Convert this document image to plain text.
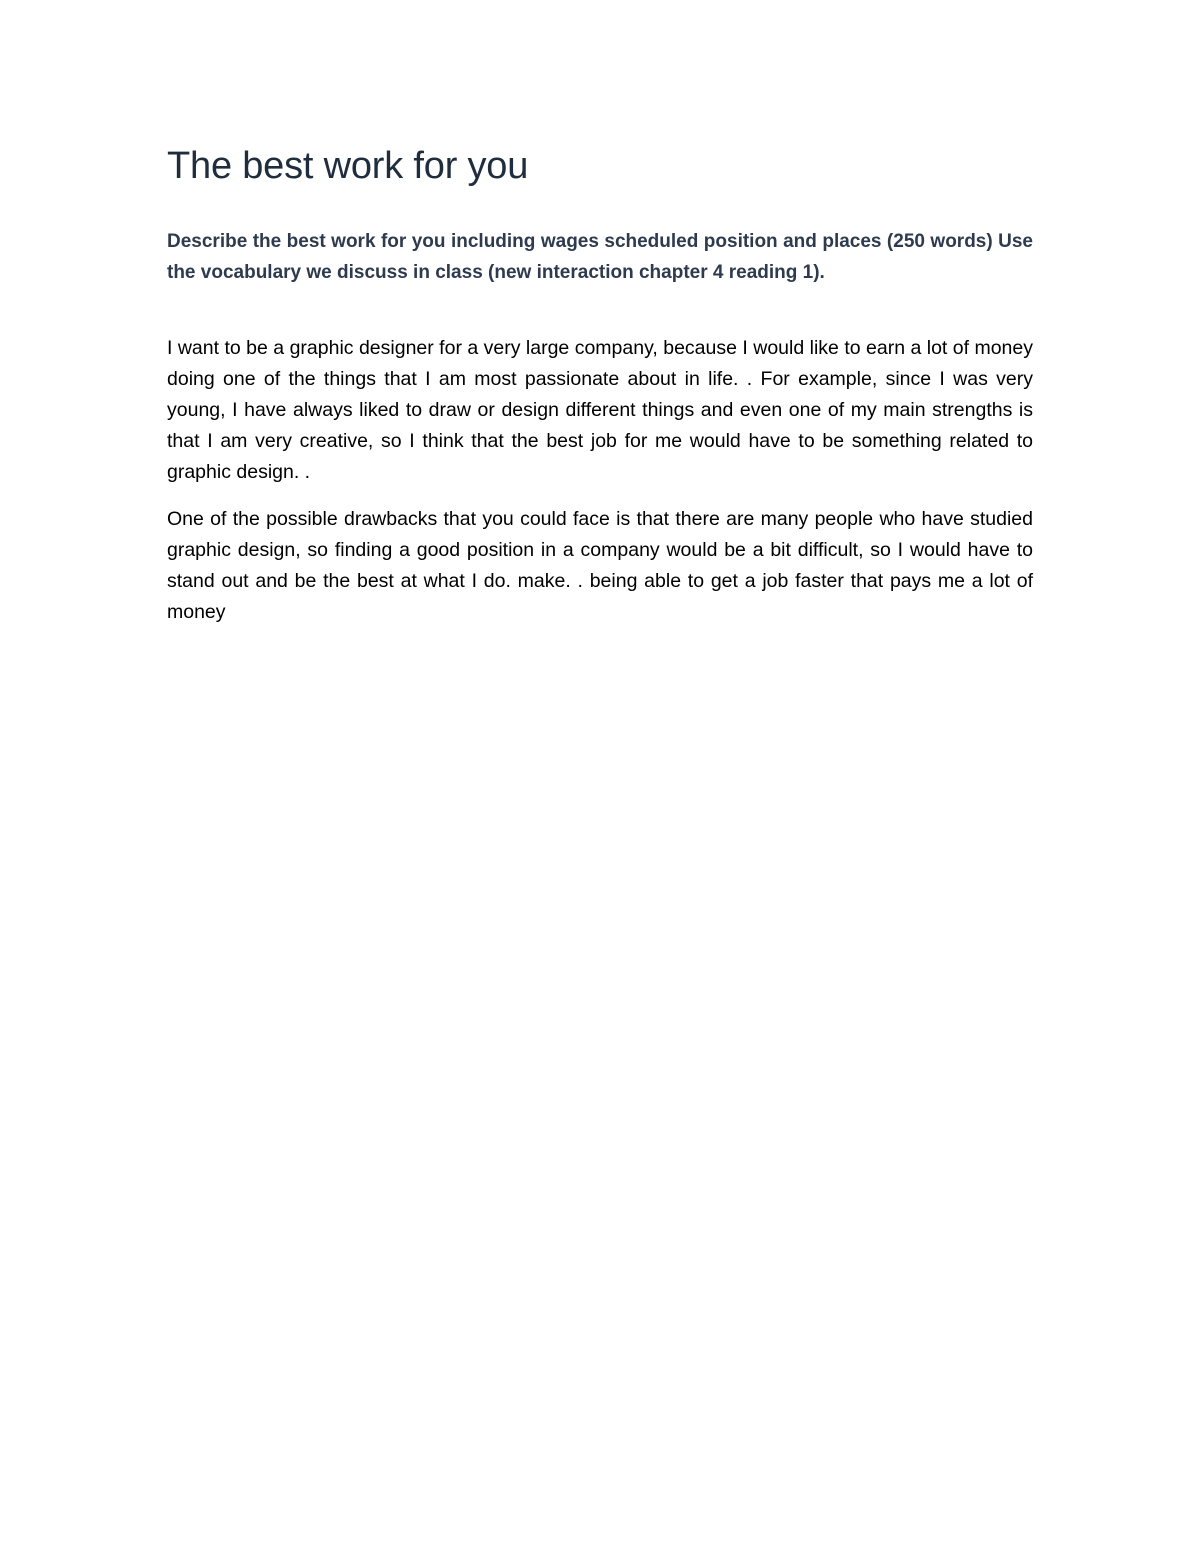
The best work for you

Describe the best work for you including wages scheduled position and places (250 words) Use the vocabulary we discuss in class (new interaction chapter 4 reading 1).

I want to be a graphic designer for a very large company, because I would like to earn a lot of money doing one of the things that I am most passionate about in life. . For example, since I was very young, I have always liked to draw or design different things and even one of my main strengths is that I am very creative, so I think that the best job for me would have to be something related to graphic design. .

One of the possible drawbacks that you could face is that there are many people who have studied graphic design, so finding a good position in a company would be a bit difficult, so I would have to stand out and be the best at what I do. make. . being able to get a job faster that pays me a lot of money
